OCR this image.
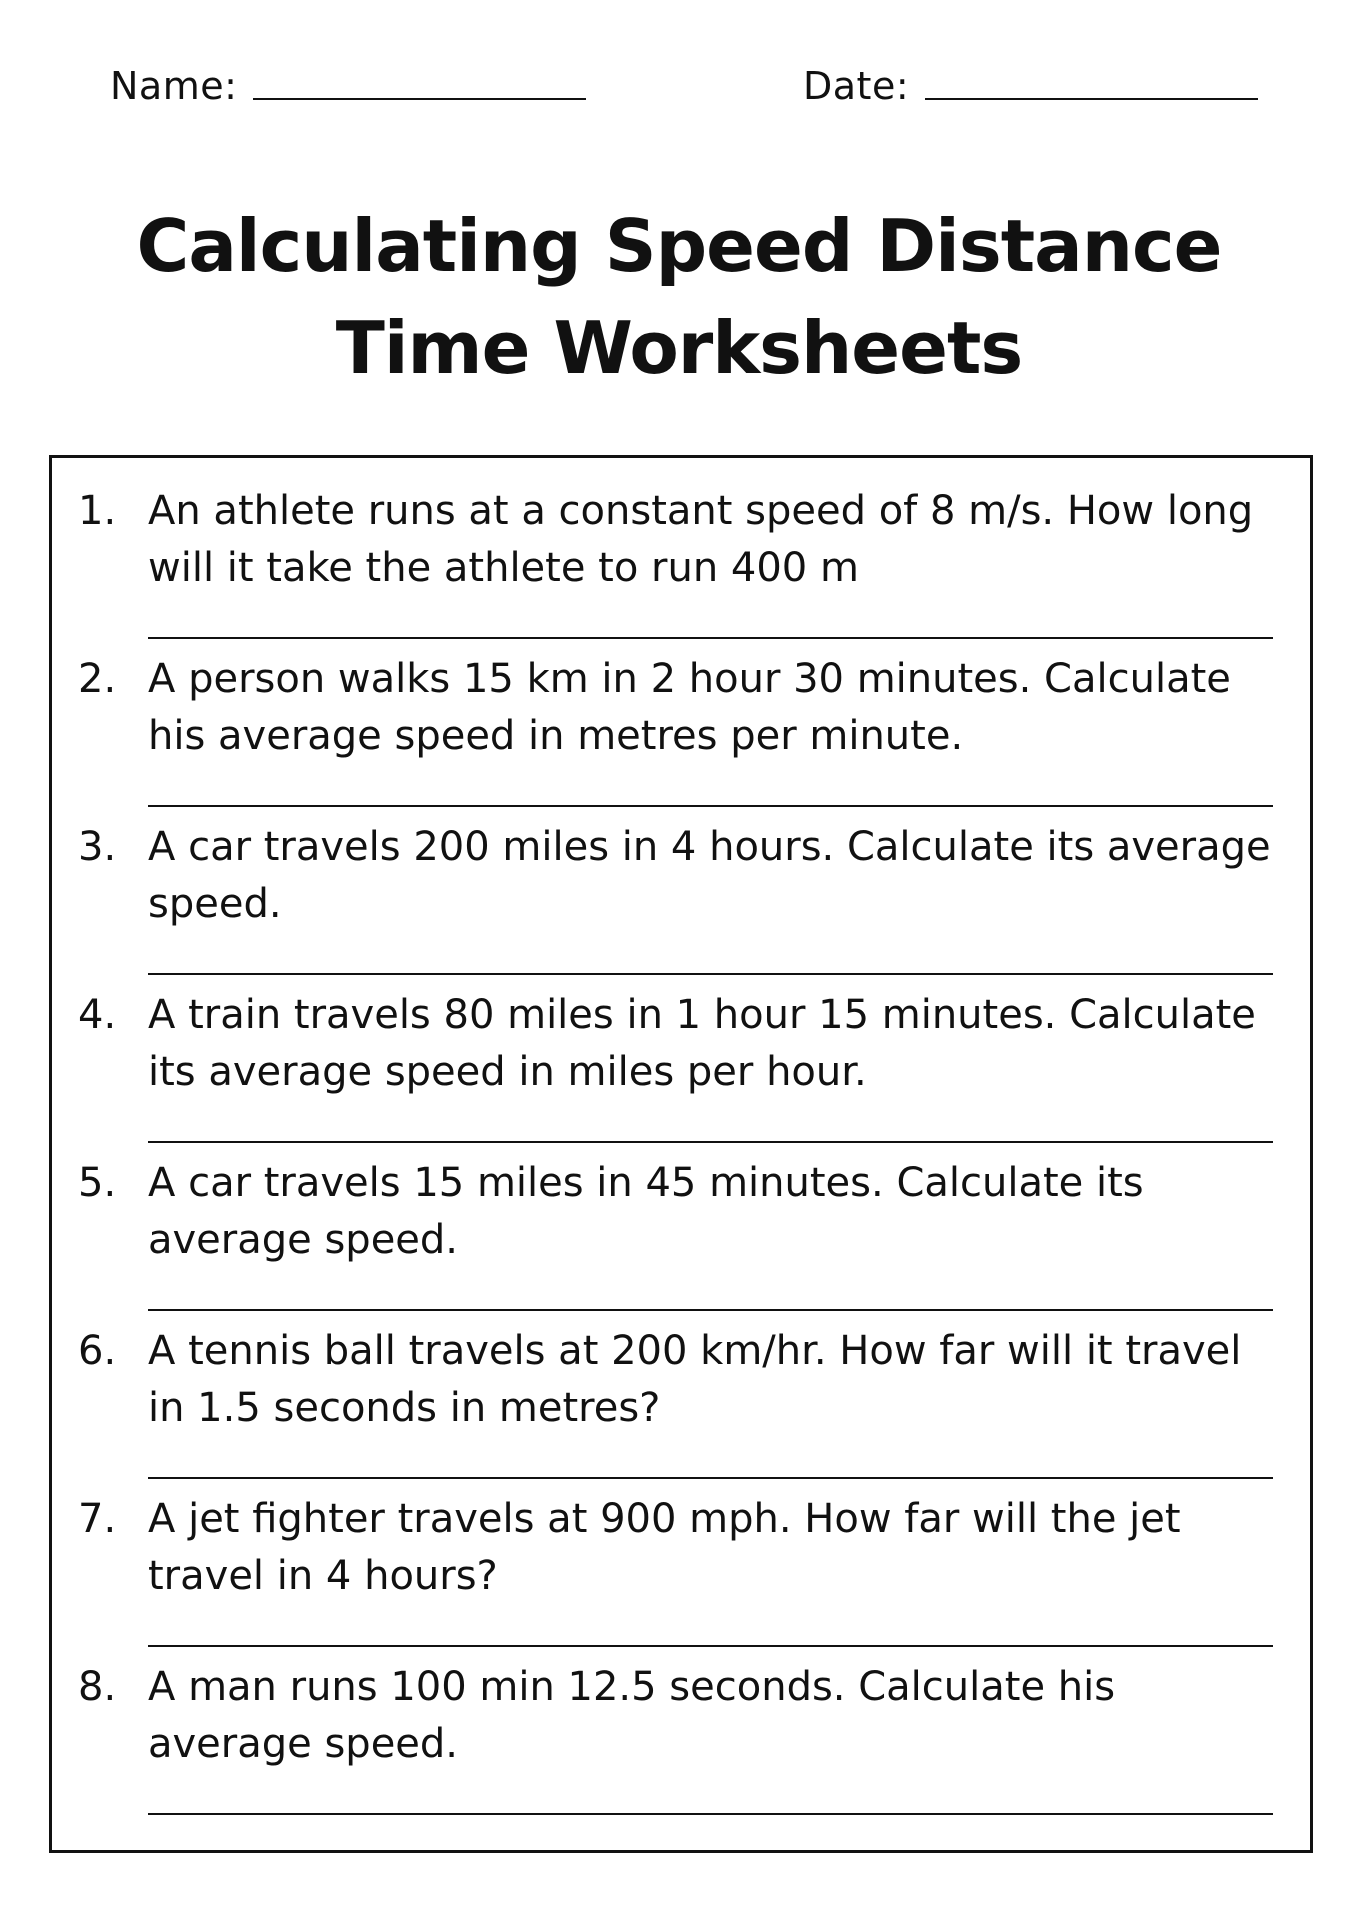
Name:	Date:
Calculating Speed Distance
Time Worksheets
1. An athlete runs at a constant speed of 8 m/s. How long
will it take the athlete to run 400 m
2. A person walks 15 km in 2 hour 30 minutes. Calculate
his average speed in metres per minute.
3. A car travels 200 miles in 4 hours. Calculate its average
speed.
4. A train travels 80 miles in 1 hour 15 minutes. Calculate
its average speed in miles per hour.
5. A car travels 15 miles in 45 minutes. Calculate its
average speed.
6. A tennis ball travels at 200 km/hr. How far will it travel
in 1.5 seconds in metres?
7. A jet fighter travels at 900 mph. How far will the jet
travel in 4 hours?
8. A man runs 100 min 12.5 seconds. Calculate his
average speed.
